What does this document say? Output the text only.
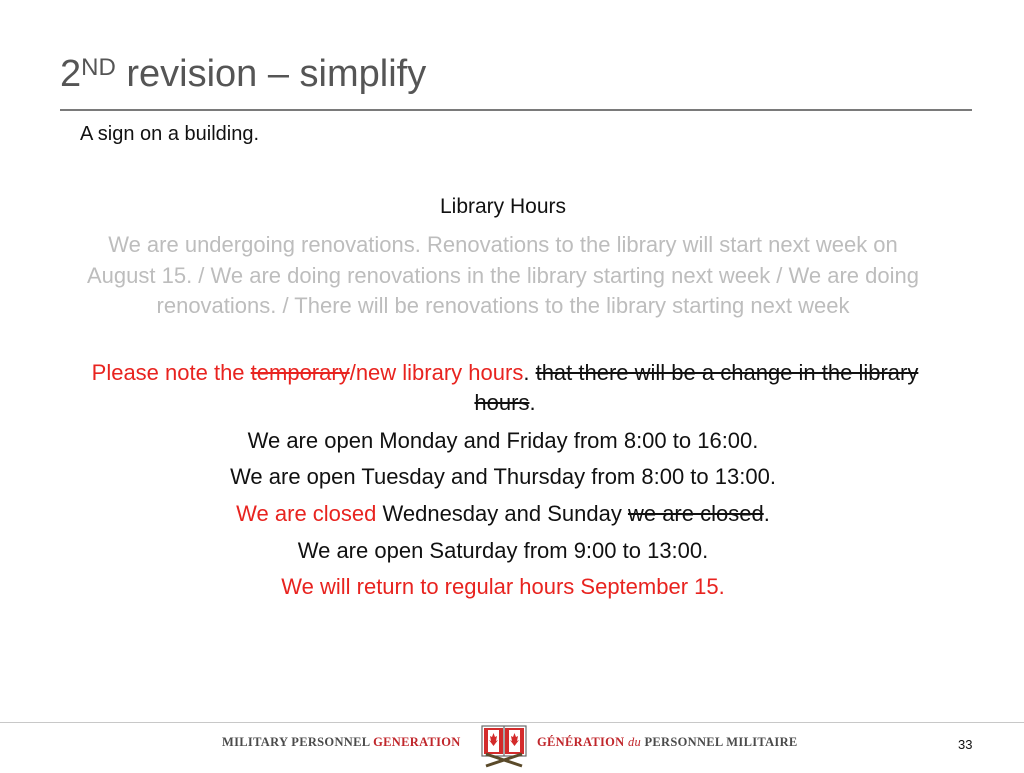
2ND revision – simplify
A sign on a building.
Library Hours
We are undergoing renovations. Renovations to the library will start next week on August 15. / We are doing renovations in the library starting next week / We are doing renovations. / There will be renovations to the library starting next week
Please note the temporary/new library hours. that there will be a change in the library hours.
We are open Monday and Friday from 8:00 to 16:00.
We are open Tuesday and Thursday from 8:00 to 13:00.
We are closed Wednesday and Sunday we are closed.
We are open Saturday from 9:00 to 13:00.
We will return to regular hours September 15.
MILITARY PERSONNEL GENERATION	GÉNÉRATION du PERSONNEL MILITAIRE	33
